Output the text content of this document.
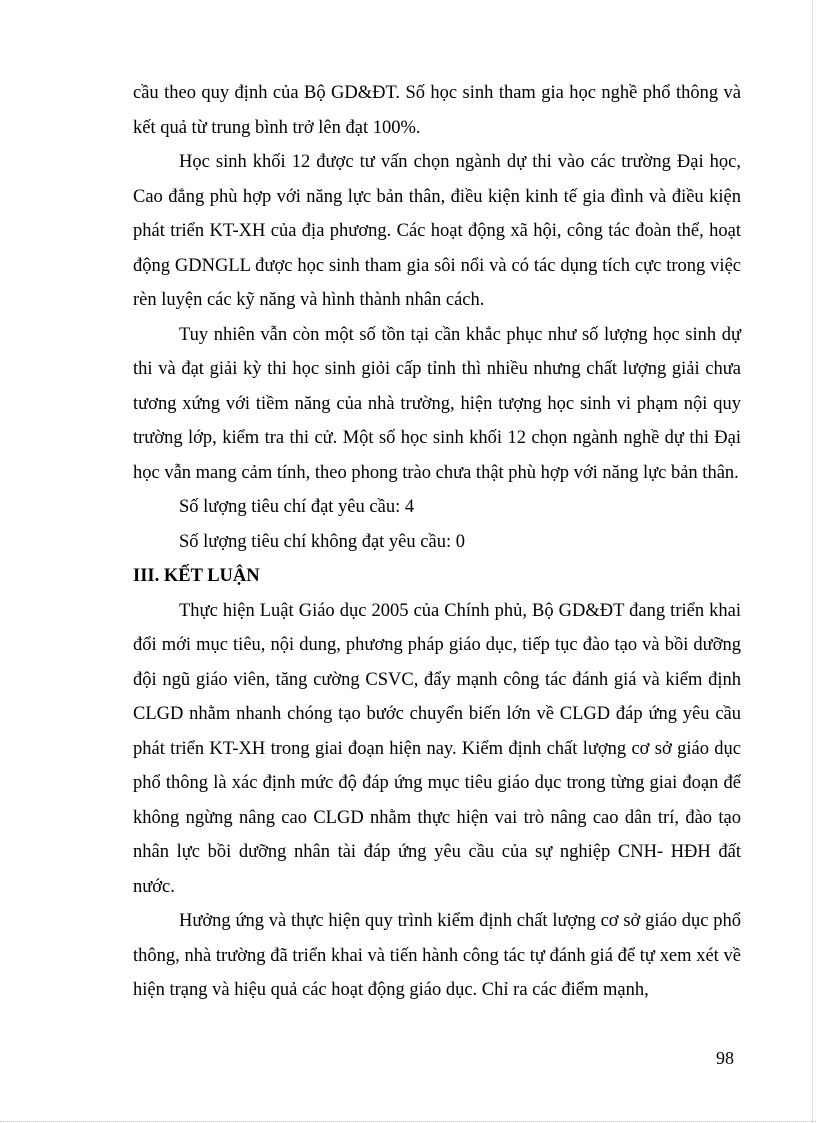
cầu theo quy định của Bộ GD&ĐT. Số học sinh tham gia học nghề phổ thông và kết quả từ trung bình trở lên đạt 100%.

Học sinh khối 12 được tư vấn chọn ngành dự thi vào các trường Đại học, Cao đẳng phù hợp với năng lực bản thân, điều kiện kinh tế gia đình và điều kiện phát triển KT-XH của địa phương. Các hoạt động xã hội, công tác đoàn thể, hoạt động GDNGLL được học sinh tham gia sôi nổi và có tác dụng tích cực trong việc rèn luyện các kỹ năng và hình thành nhân cách.

Tuy nhiên vẫn còn một số tồn tại cần khắc phục như số lượng học sinh dự thi và đạt giải kỳ thi học sinh giỏi cấp tỉnh thì nhiều nhưng chất lượng giải chưa tương xứng với tiềm năng của nhà trường, hiện tượng học sinh vi phạm nội quy trường lớp, kiểm tra thi cử. Một số học sinh khối 12 chọn ngành nghề dự thi Đại học vẫn mang cảm tính, theo phong trào chưa thật phù hợp với năng lực bản thân.

Số lượng tiêu chí đạt yêu cầu: 4

Số lượng tiêu chí không đạt yêu cầu: 0

III. KẾT LUẬN

Thực hiện Luật Giáo dục 2005 của Chính phủ, Bộ GD&ĐT đang triển khai đổi mới mục tiêu, nội dung, phương pháp giáo dục, tiếp tục đào tạo và bồi dưỡng đội ngũ giáo viên, tăng cường CSVC, đẩy mạnh công tác đánh giá và kiểm định CLGD nhằm nhanh chóng tạo bước chuyển biến lớn về CLGD đáp ứng yêu cầu phát triển KT-XH trong giai đoạn hiện nay. Kiểm định chất lượng cơ sở giáo dục phổ thông là xác định mức độ đáp ứng mục tiêu giáo dục trong từng giai đoạn để không ngừng nâng cao CLGD nhằm thực hiện vai trò nâng cao dân trí, đào tạo nhân lực bồi dưỡng nhân tài đáp ứng yêu cầu của sự nghiệp CNH- HĐH đất nước.

Hưởng ứng và thực hiện quy trình kiểm định chất lượng cơ sở giáo dục phổ thông, nhà trường đã triển khai và tiến hành công tác tự đánh giá để tự xem xét về hiện trạng và hiệu quả các hoạt động giáo dục. Chỉ ra các điểm mạnh,

98
